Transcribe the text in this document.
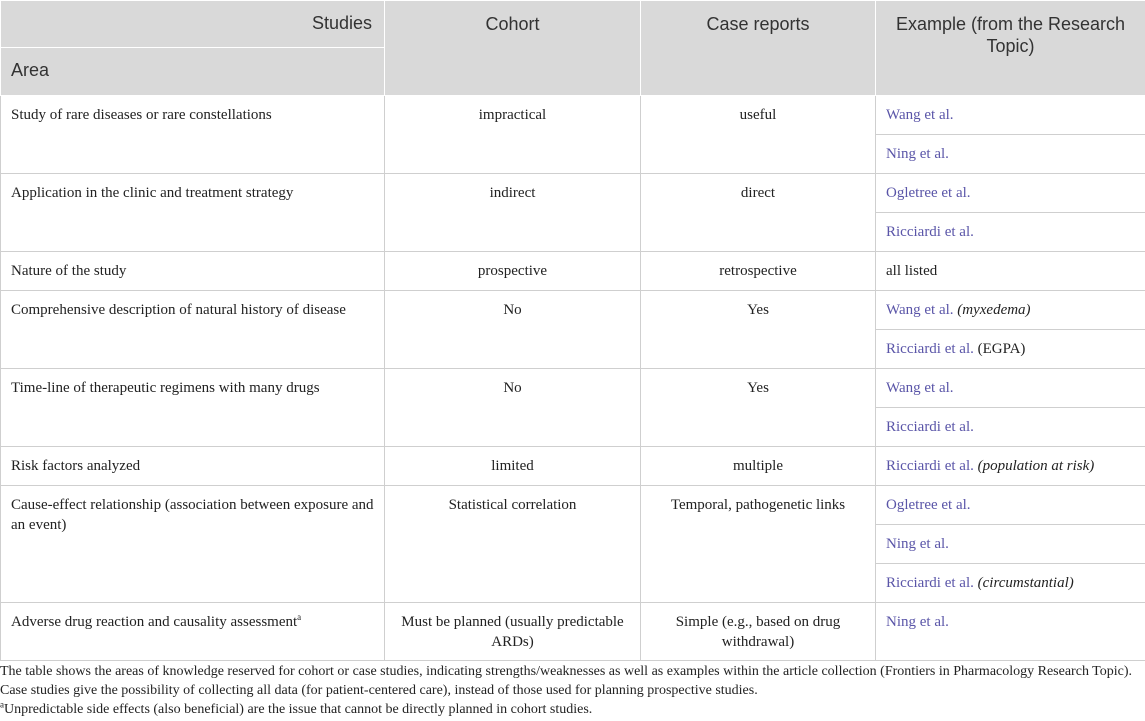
Studies	Cohort	Case reports	Example (from the Research Topic)
Area			
Study of rare diseases or rare constellations	impractical	useful	Wang et al.
			Ning et al.
Application in the clinic and treatment strategy	indirect	direct	Ogletree et al.
			Ricciardi et al.
Nature of the study	prospective	retrospective	all listed
Comprehensive description of natural history of disease	No	Yes	Wang et al. (myxedema)
			Ricciardi et al. (EGPA)
Time-line of therapeutic regimens with many drugs	No	Yes	Wang et al.
			Ricciardi et al.
Risk factors analyzed	limited	multiple	Ricciardi et al. (population at risk)
Cause-effect relationship (association between exposure and an event)	Statistical correlation	Temporal, pathogenetic links	Ogletree et al.
			Ning et al.
			Ricciardi et al. (circumstantial)
Adverse drug reaction and causality assessment$^a$	Must be planned (usually predictable ARDs)	Simple (e.g., based on drug withdrawal)	Ning et al.

The table shows the areas of knowledge reserved for cohort or case studies, indicating strengths/weaknesses as well as examples within the article collection (Frontiers in Pharmacology Research Topic). Case studies give the possibility of collecting all data (for patient-centered care), instead of those used for planning prospective studies.

$^a$Unpredictable side effects (also beneficial) are the issue that cannot be directly planned in cohort studies.
